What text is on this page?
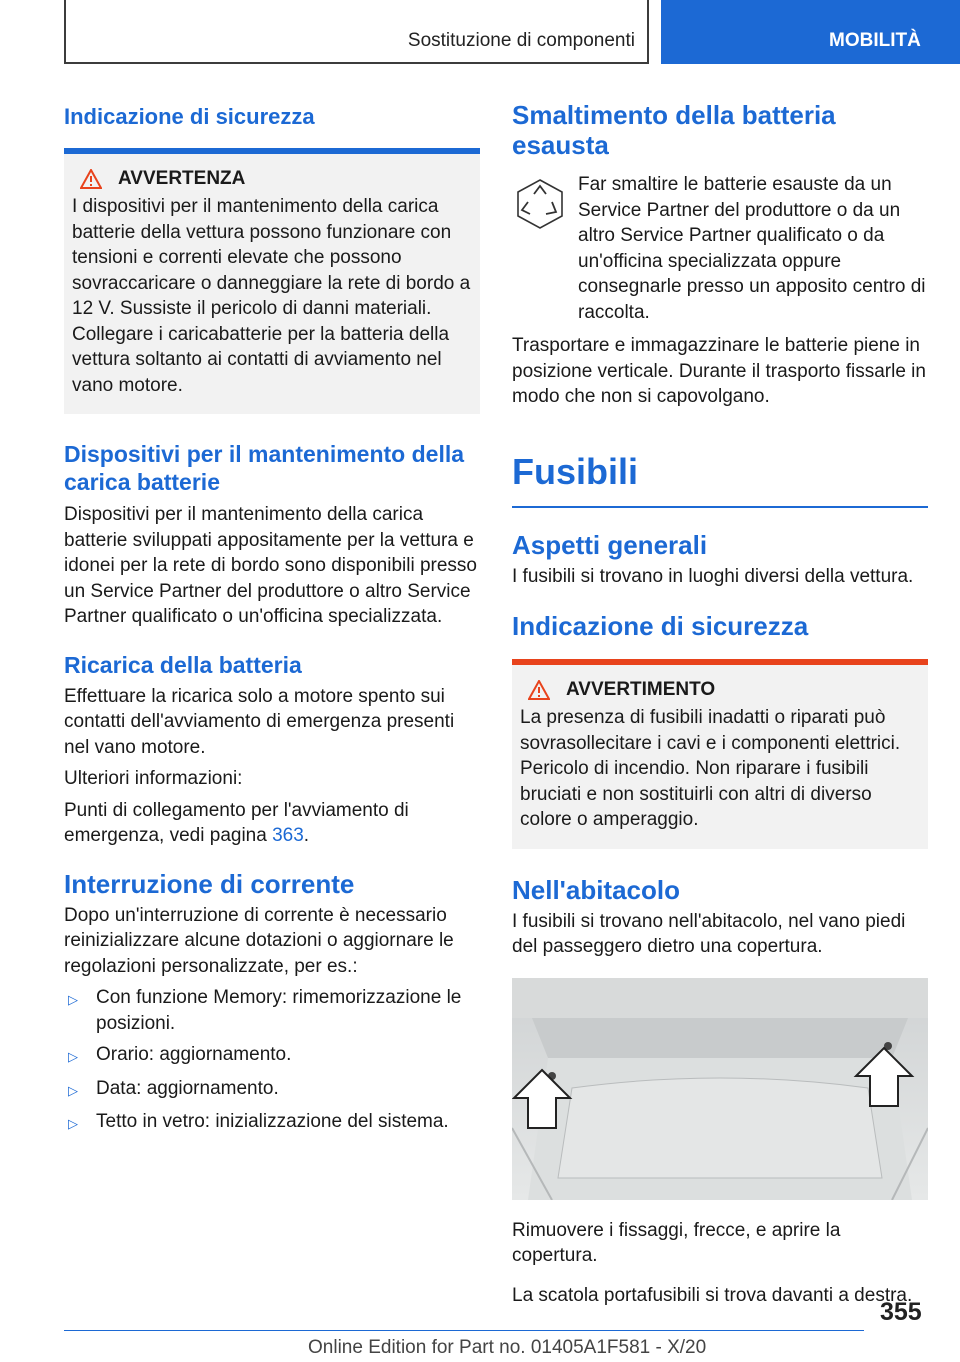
Sostituzione di componenti	MOBILITÀ
Indicazione di sicurezza
AVVERTENZA

I dispositivi per il mantenimento della carica batterie della vettura possono funzionare con tensioni e correnti elevate che possono sovraccaricare o danneggiare la rete di bordo a 12 V. Sussiste il pericolo di danni materiali. Collegare i caricabatterie per la batteria della vettura soltanto ai contatti di avviamento nel vano motore.

Dispositivi per il mantenimento della carica batterie

Dispositivi per il mantenimento della carica batterie sviluppati appositamente per la vettura e idonei per la rete di bordo sono disponibili presso un Service Partner del produttore o altro Service Partner qualificato o un'officina specializzata.

Ricarica della batteria

Effettuare la ricarica solo a motore spento sui contatti dell'avviamento di emergenza presenti nel vano motore.

Ulteriori informazioni:

Punti di collegamento per l'avviamento di emergenza, vedi pagina 363.

Interruzione di corrente

Dopo un'interruzione di corrente è necessario reinizializzare alcune dotazioni o aggiornare le regolazioni personalizzate, per es.:

▷ Con funzione Memory: rimemorizzazione le posizioni.
▷ Orario: aggiornamento.
▷ Data: aggiornamento.
▷ Tetto in vetro: inizializzazione del sistema.
Smaltimento della batteria esausta

Far smaltire le batterie esauste da un Service Partner del produttore o da un altro Service Partner qualificato o da un'officina specializzata oppure consegnarle presso un apposito centro di raccolta.

Trasportare e immagazzinare le batterie piene in posizione verticale. Durante il trasporto fissarle in modo che non si capovolgano.

Fusibili
Aspetti generali

I fusibili si trovano in luoghi diversi della vettura.

Indicazione di sicurezza
AVVERTIMENTO

La presenza di fusibili inadatti o riparati può sovrasollecitare i cavi e i componenti elettrici. Pericolo di incendio. Non riparare i fusibili bruciati e non sostituirli con altri di diverso colore o amperaggio.

Nell'abitacolo

I fusibili si trovano nell'abitacolo, nel vano piedi del passeggero dietro una copertura.

Rimuovere i fissaggi, frecce, e aprire la copertura.

La scatola portafusibili si trova davanti a destra.

355
Online Edition for Part no. 01405A1F581 - X/20
